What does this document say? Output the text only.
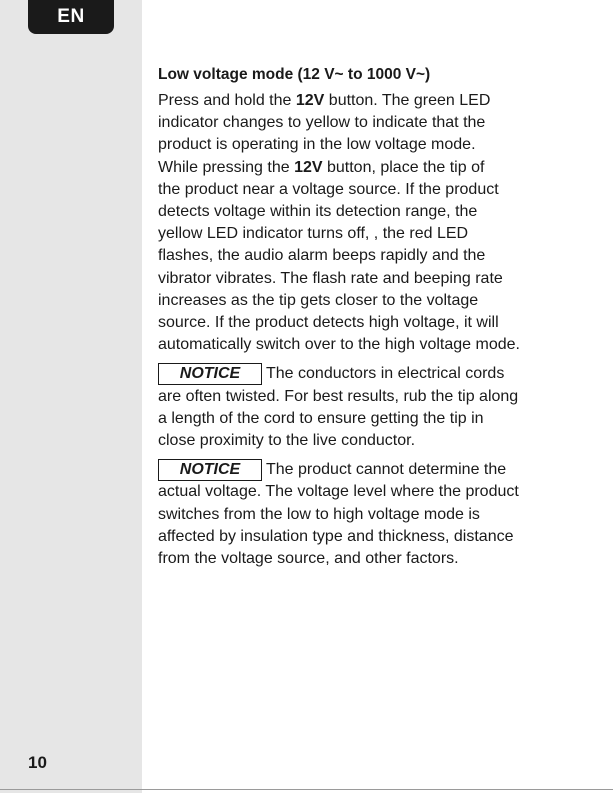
EN
10
Low voltage mode (12 V~ to 1000 V~)

Press and hold the 12V button. The green LED

indicator changes to yellow to indicate that the

product is operating in the low voltage mode.

While pressing the 12V button, place the tip of

the product near a voltage source. If the product

detects voltage within its detection range, the

yellow LED indicator turns off, , the red LED

flashes, the audio alarm beeps rapidly and the

vibrator vibrates. The flash rate and beeping rate

increases as the tip gets closer to the voltage

source. If the product detects high voltage, it will

automatically switch over to the high voltage mode.

NOTICE The conductors in electrical cords

are often twisted. For best results, rub the tip along

a length of the cord to ensure getting the tip in

close proximity to the live conductor.

NOTICE The product cannot determine the

actual voltage. The voltage level where the product

switches from the low to high voltage mode is

affected by insulation type and thickness, distance

from the voltage source, and other factors.
